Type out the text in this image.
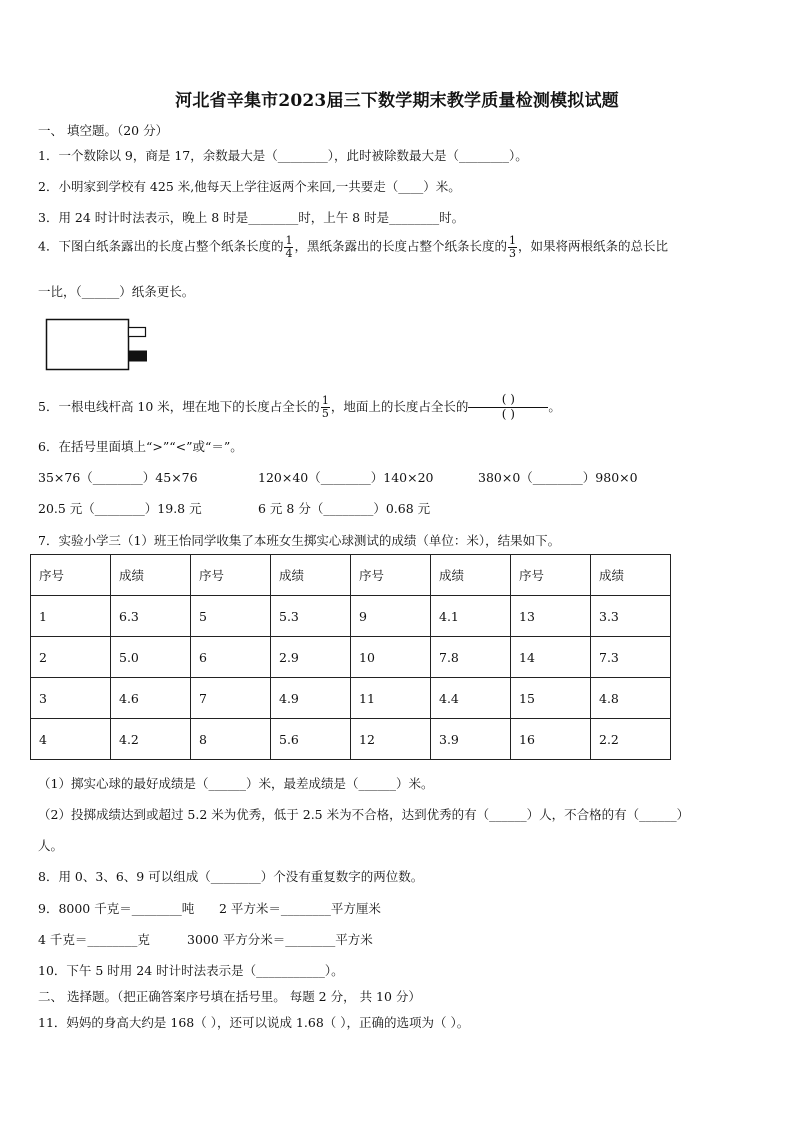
河北省辛集市2023届三下数学期末教学质量检测模拟试题
一、 填空题。（20 分）
1．一个数除以 9，商是 17，余数最大是（________），此时被除数最大是（________）。
2．小明家到学校有 425 米,他每天上学往返两个来回,一共要走（____）米。
3．用 24 时计时法表示，晚上 8 时是________时，上午 8 时是________时。
4．下图白纸条露出的长度占整个纸条长度的 $\frac{1}{4}$ ，黑纸条露出的长度占整个纸条长度的 $\frac{1}{3}$ ，如果将两根纸条的总长比
一比，（______）纸条更长。
5．一根电线杆高 10 米，埋在地下的长度占全长的 $\frac{1}{5}$ ，地面上的长度占全长的 $\frac{( )}{( )}$ 。
6．在括号里面填上“>”“<”或“＝”。
35×76（________）45×76	120×40（________）140×20	380×0（________）980×0
20.5 元（________）19.8 元	6 元 8 分（________）0.68 元
7．实验小学三（1）班王怡同学收集了本班女生掷实心球测试的成绩（单位：米），结果如下。
序号	成绩	序号	成绩	序号	成绩	序号	成绩
1	6.3	5	5.3	9	4.1	13	3.3
2	5.0	6	2.9	10	7.8	14	7.3
3	4.6	7	4.9	11	4.4	15	4.8
4	4.2	8	5.6	12	3.9	16	2.2
（1）掷实心球的最好成绩是（______）米，最差成绩是（______）米。
（2）投掷成绩达到或超过 5.2 米为优秀，低于 2.5 米为不合格，达到优秀的有（______）人，不合格的有（______）
人。
8．用 0、3、6、9 可以组成（________）个没有重复数字的两位数。
9．8000 千克＝________吨 2 平方米＝________平方厘米
4 千克＝________克	3000 平方分米＝________平方米
10．下午 5 时用 24 时计时法表示是（___________）。
二、 选择题。（把正确答案序号填在括号里。 每题 2 分， 共 10 分）
11．妈妈的身高大约是 168（ ），还可以说成 1.68（ ），正确的选项为（ ）。
